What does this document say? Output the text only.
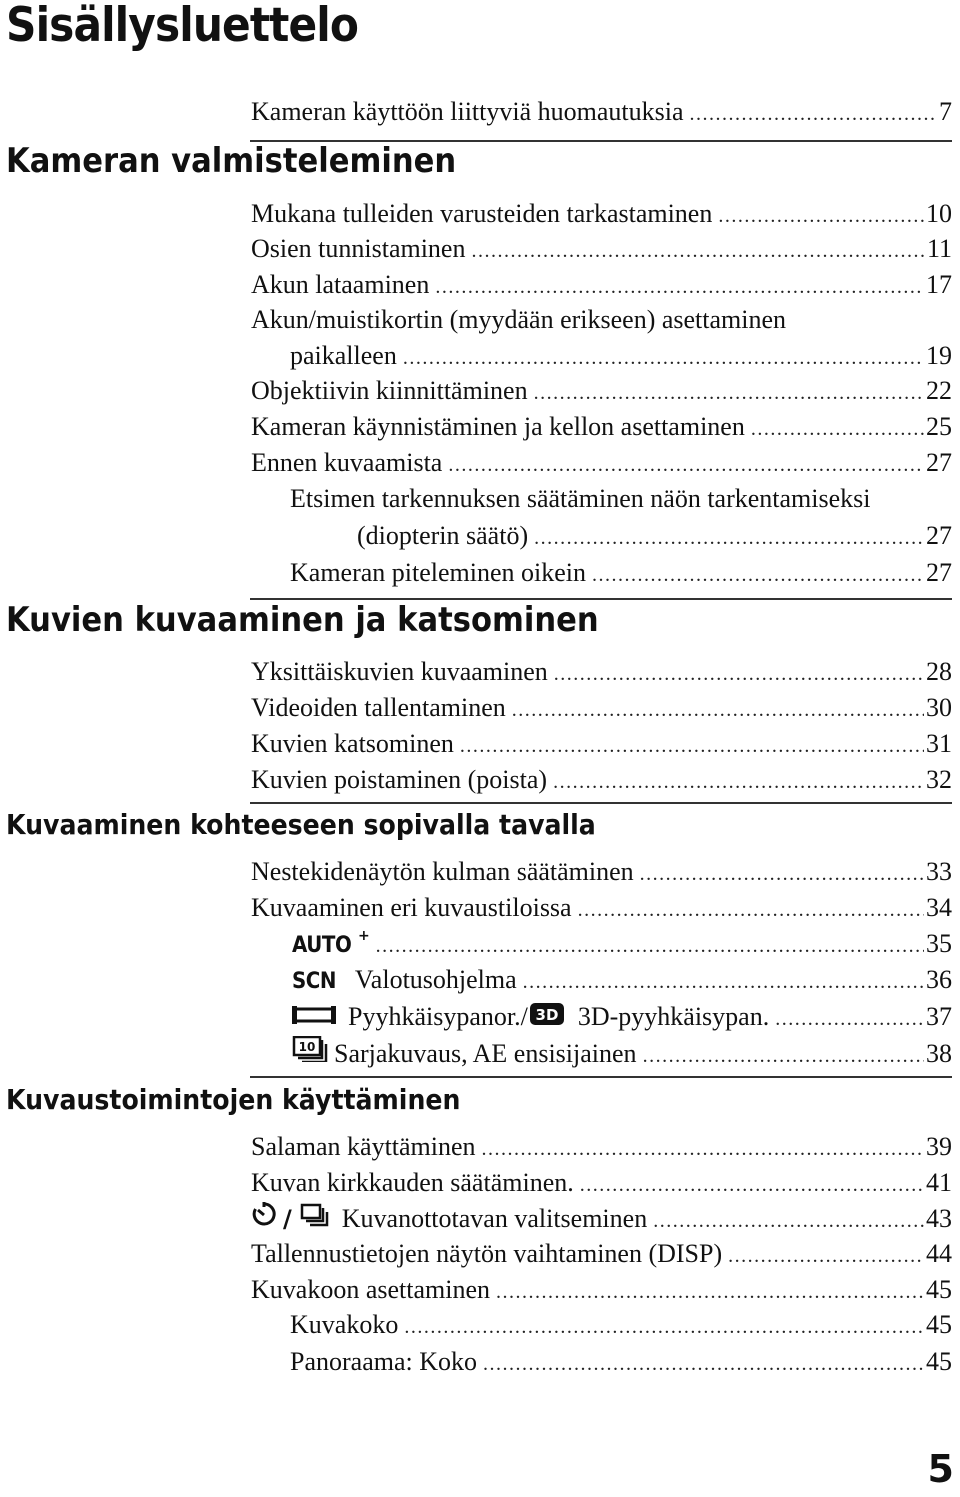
Sisällysluettelo
Kameran käyttöön liittyviä huomautuksia .....	7
Kameran valmisteleminen
Mukana tulleiden varusteiden tarkastaminen .....	10
Osien tunnistaminen .....	11
Akun lataaminen .....	17
Akun/muistikortin (myydään erikseen) asettaminen
paikalleen .....	19
Objektiivin kiinnittäminen .....	22
Kameran käynnistäminen ja kellon asettaminen .....	25
Ennen kuvaamista .....	27
Etsimen tarkennuksen säätäminen näön tarkentamiseksi
(diopterin säätö) .....	27
Kameran piteleminen oikein .....	27
Kuvien kuvaaminen ja katsominen
Yksittäiskuvien kuvaaminen .....	28
Videoiden tallentaminen .....	30
Kuvien katsominen .....	31
Kuvien poistaminen (poista) .....	32
Kuvaaminen kohteeseen sopivalla tavalla
Nestekidenäytön kulman säätäminen .....	33
Kuvaaminen eri kuvaustiloissa .....	34
AUTO + .....	35
SCN Valotusohjelma .....	36
Pyyhkäisypanor./ 3D 3D-pyyhkäisypan. .....	37
10 Sarjakuvaus, AE ensisijainen .....	38
Kuvaustoimintojen käyttäminen
Salaman käyttäminen .....	39
Kuvan kirkkauden säätäminen. .....	41
/ Kuvanottotavan valitseminen .....	43
Tallennustietojen näytön vaihtaminen (DISP) .....	44
Kuvakoon asettaminen .....	45
Kuvakoko .....	45
Panoraama: Koko .....	45
5
